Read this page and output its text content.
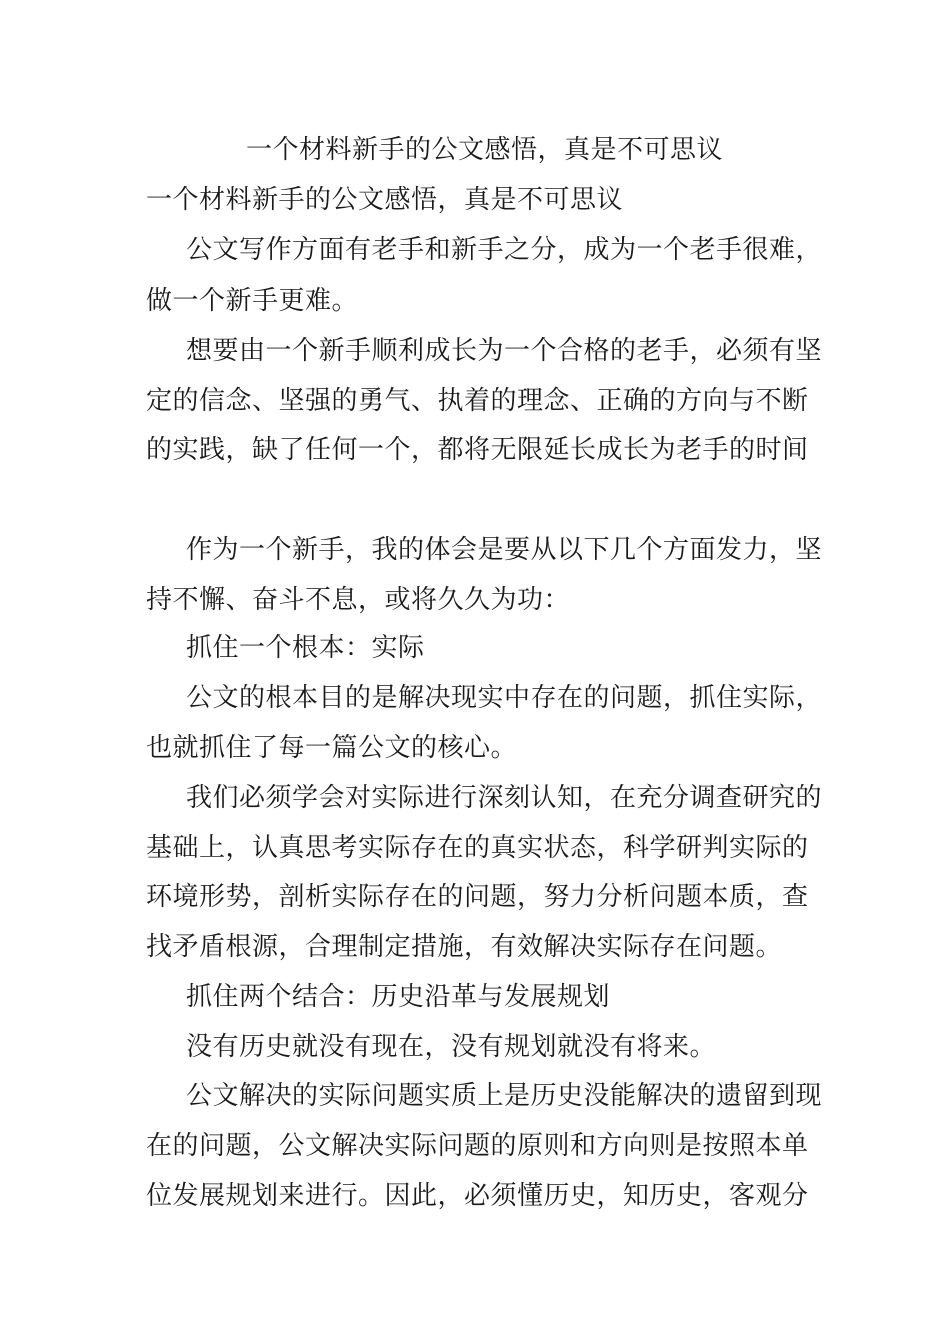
一个材料新手的公文感悟，真是不可思议
一个材料新手的公文感悟，真是不可思议
公文写作方面有老手和新手之分，成为一个老手很难，
做一个新手更难。
想要由一个新手顺利成长为一个合格的老手，必须有坚
定的信念、坚强的勇气、执着的理念、正确的方向与不断
的实践，缺了任何一个，都将无限延长成长为老手的时间
作为一个新手，我的体会是要从以下几个方面发力，坚
持不懈、奋斗不息，或将久久为功：
抓住一个根本：实际
公文的根本目的是解决现实中存在的问题，抓住实际，
也就抓住了每一篇公文的核心。
我们必须学会对实际进行深刻认知，在充分调查研究的
基础上，认真思考实际存在的真实状态，科学研判实际的
环境形势，剖析实际存在的问题，努力分析问题本质，查
找矛盾根源，合理制定措施，有效解决实际存在问题。
抓住两个结合：历史沿革与发展规划
没有历史就没有现在，没有规划就没有将来。
公文解决的实际问题实质上是历史没能解决的遗留到现
在的问题，公文解决实际问题的原则和方向则是按照本单
位发展规划来进行。因此，必须懂历史，知历史，客观分
